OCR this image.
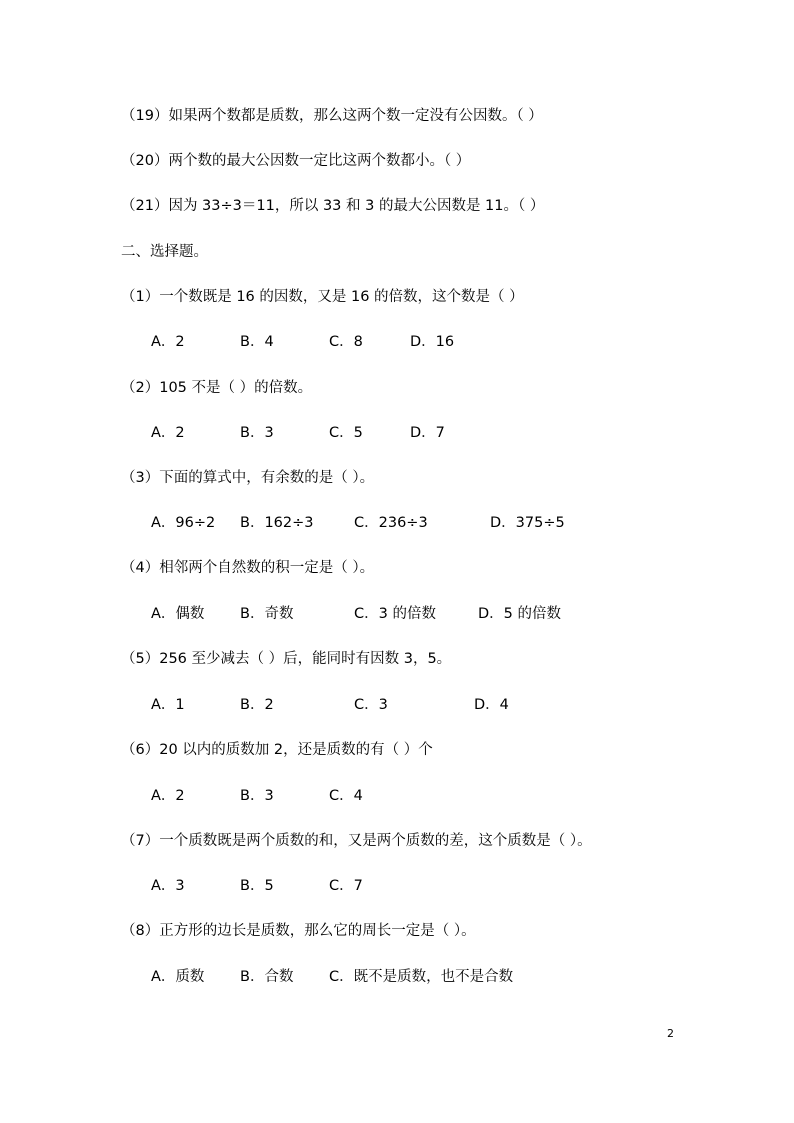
（19）如果两个数都是质数，那么这两个数一定没有公因数。（ ）
（20）两个数的最大公因数一定比这两个数都小。（ ）
（21）因为 33÷3＝11，所以 33 和 3 的最大公因数是 11。（ ）
二、选择题。
（1）一个数既是 16 的因数，又是 16 的倍数，这个数是（ ）
A．2	B．4	C．8	D．16
（2）105 不是（ ）的倍数。
A．2	B．3	C．5	D．7
（3）下面的算式中，有余数的是（ ）。
A．96÷2 B．162÷3	C．236÷3	D．375÷5
（4）相邻两个自然数的积一定是（ ）。
A．偶数 B．奇数	C．3 的倍数	D．5 的倍数
（5）256 至少减去（ ）后，能同时有因数 3，5。
A．1	B．2	C．3	D．4
（6）20 以内的质数加 2，还是质数的有（ ）个
A．2	B．3	C．4
（7）一个质数既是两个质数的和，又是两个质数的差，这个质数是（ ）。
A．3	B．5	C．7
（8）正方形的边长是质数，那么它的周长一定是（ ）。
A．质数 B．合数 C．既不是质数，也不是合数
2
